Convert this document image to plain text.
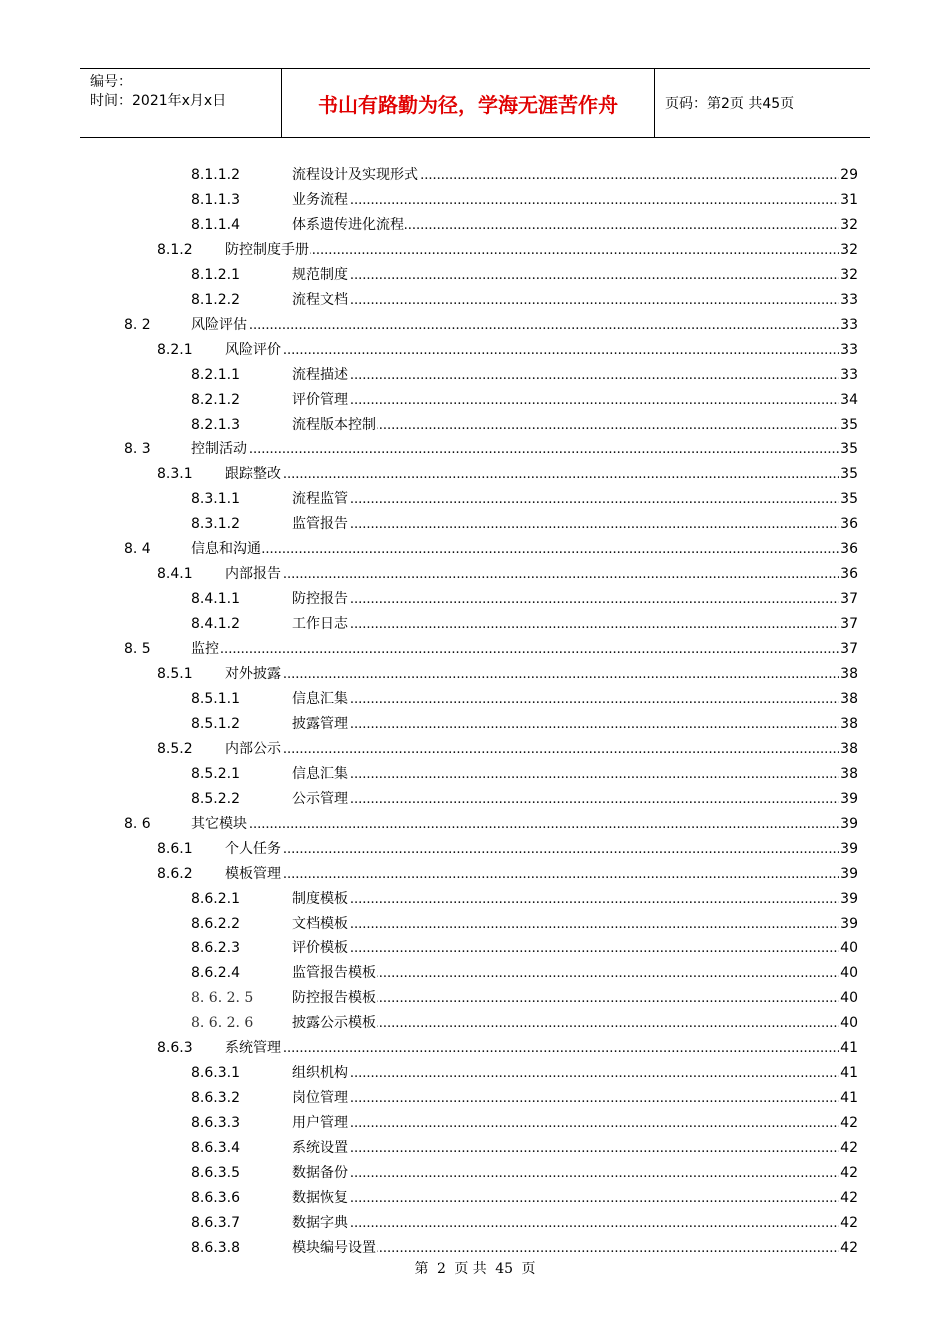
编号：
时间：2021年x月x日	书山有路勤为径，学海无涯苦作舟	页码：第2页 共45页
8.1.1.2 .....	流程设计及实现形式	29
8.1.1.3 .....	业务流程	31
8.1.1.4 .....	体系遗传进化流程	32
8.1.2 ..... 防控制度手册	32
8.1.2.1 .....	规范制度	32
8.1.2.2 .....	流程文档	33
8. 2 .....	风险评估	33
8.2.1 ..... 风险评价	33
8.2.1.1 .....	流程描述	33
8.2.1.2 .....	评价管理	34
8.2.1.3 .....	流程版本控制	35
8. 3 .....	控制活动	35
8.3.1 ..... 跟踪整改	35
8.3.1.1 .....	流程监管	35
8.3.1.2 .....	监管报告	36
8. 4 .....	信息和沟通	36
8.4.1 ..... 内部报告	36
8.4.1.1 .....	防控报告	37
8.4.1.2 .....	工作日志	37
8. 5 .....	监控	37
8.5.1 ..... 对外披露	38
8.5.1.1 .....	信息汇集	38
8.5.1.2 .....	披露管理	38
8.5.2 ..... 内部公示	38
8.5.2.1 .....	信息汇集	38
8.5.2.2 .....	公示管理	39
8. 6 .....	其它模块	39
8.6.1 ..... 个人任务	39
8.6.2 ..... 模板管理	39
8.6.2.1 .....	制度模板	39
8.6.2.2 .....	文档模板	39
8.6.2.3 .....	评价模板	40
8.6.2.4 .....	监管报告模板	40
8. 6. 2. 5 .....	防控报告模板	40
8. 6. 2. 6 .....	披露公示模板	40
8.6.3 ..... 系统管理	41
8.6.3.1 .....	组织机构	41
8.6.3.2 .....	岗位管理	41
8.6.3.3 .....	用户管理	42
8.6.3.4 .....	系统设置	42
8.6.3.5 .....	数据备份	42
8.6.3.6 .....	数据恢复	42
8.6.3.7 .....	数据字典	42
8.6.3.8 .....	模块编号设置	42
第 2 页 共 45 页
